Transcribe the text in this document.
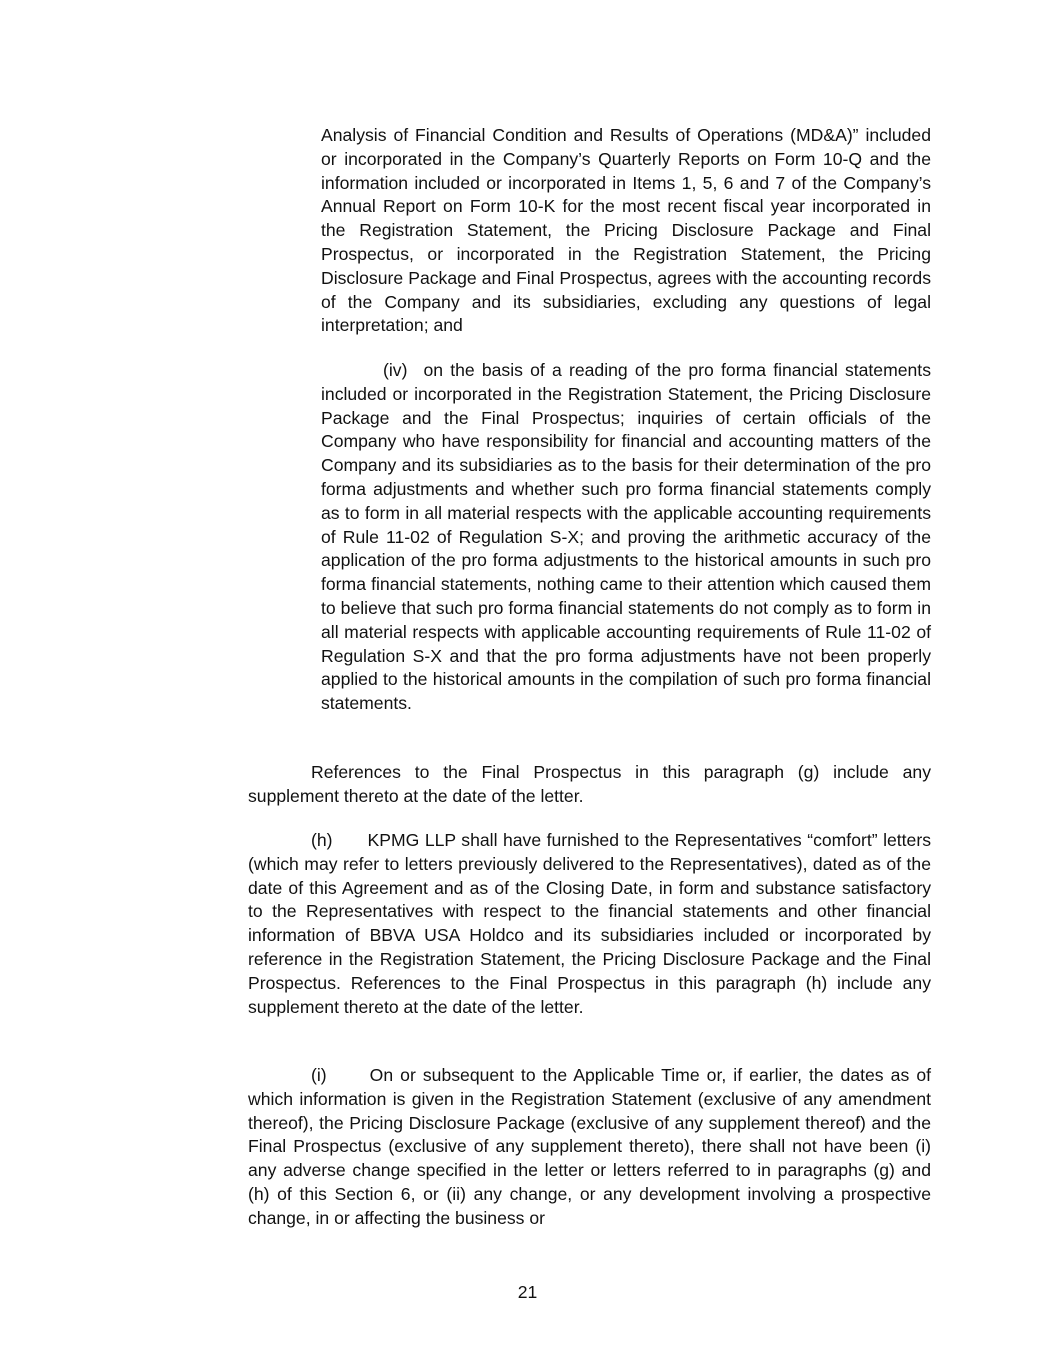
Analysis of Financial Condition and Results of Operations (MD&A)” included or incorporated in the Company’s Quarterly Reports on Form 10-Q and the information included or incorporated in Items 1, 5, 6 and 7 of the Company’s Annual Report on Form 10-K for the most recent fiscal year incorporated in the Registration Statement, the Pricing Disclosure Package and Final Prospectus, or incorporated in the Registration Statement, the Pricing Disclosure Package and Final Prospectus, agrees with the accounting records of the Company and its subsidiaries, excluding any questions of legal interpretation; and

(iv) on the basis of a reading of the pro forma financial statements included or incorporated in the Registration Statement, the Pricing Disclosure Package and the Final Prospectus; inquiries of certain officials of the Company who have responsibility for financial and accounting matters of the Company and its subsidiaries as to the basis for their determination of the pro forma adjustments and whether such pro forma financial statements comply as to form in all material respects with the applicable accounting requirements of Rule 11-02 of Regulation S-X; and proving the arithmetic accuracy of the application of the pro forma adjustments to the historical amounts in such pro forma financial statements, nothing came to their attention which caused them to believe that such pro forma financial statements do not comply as to form in all material respects with applicable accounting requirements of Rule 11-02 of Regulation S-X and that the pro forma adjustments have not been properly applied to the historical amounts in the compilation of such pro forma financial statements.

References to the Final Prospectus in this paragraph (g) include any supplement thereto at the date of the letter.

(h) KPMG LLP shall have furnished to the Representatives “comfort” letters (which may refer to letters previously delivered to the Representatives), dated as of the date of this Agreement and as of the Closing Date, in form and substance satisfactory to the Representatives with respect to the financial statements and other financial information of BBVA USA Holdco and its subsidiaries included or incorporated by reference in the Registration Statement, the Pricing Disclosure Package and the Final Prospectus. References to the Final Prospectus in this paragraph (h) include any supplement thereto at the date of the letter.

(i) On or subsequent to the Applicable Time or, if earlier, the dates as of which information is given in the Registration Statement (exclusive of any amendment thereof), the Pricing Disclosure Package (exclusive of any supplement thereof) and the Final Prospectus (exclusive of any supplement thereto), there shall not have been (i) any adverse change specified in the letter or letters referred to in paragraphs (g) and (h) of this Section 6, or (ii) any change, or any development involving a prospective change, in or affecting the business or

21
